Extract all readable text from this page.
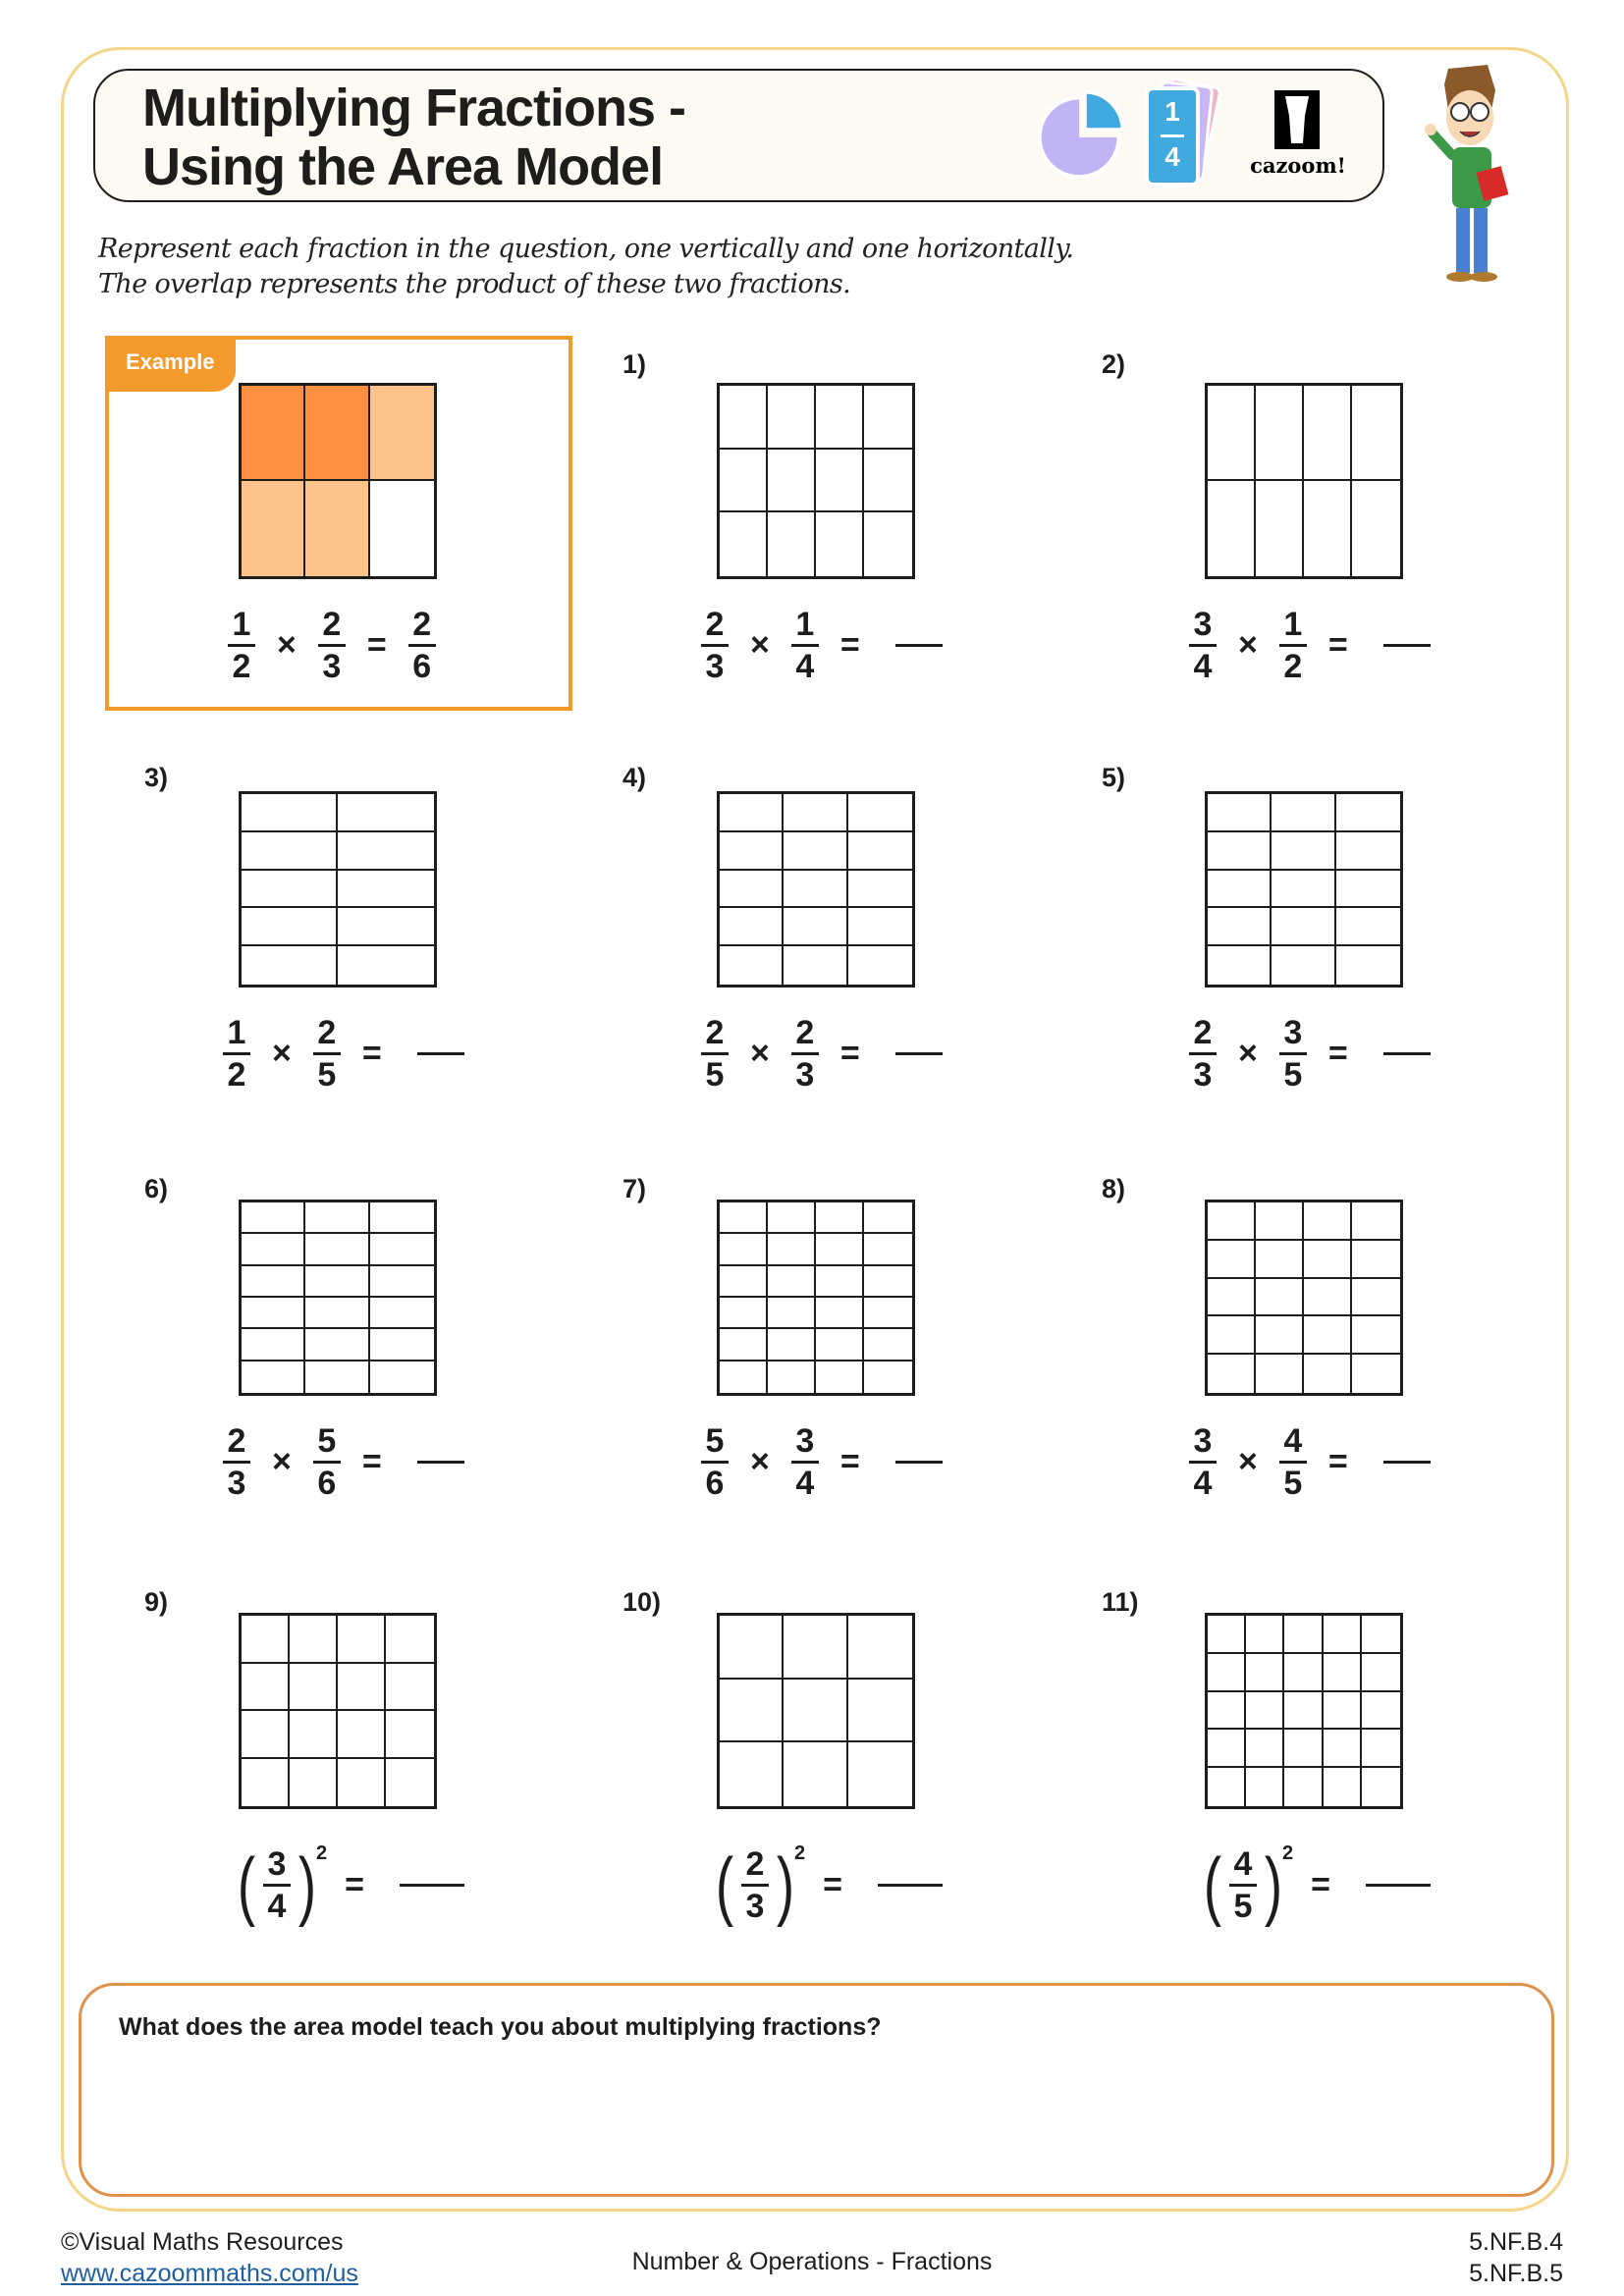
Multiplying Fractions -
Using the Area Model
1
4	cazoom!
Represent each fraction in the question, one vertically and one horizontally.
The overlap represents the product of these two fractions.
Example
$\frac{1}{2} \times \frac{2}{3} = \frac{2}{6}$
1)
$\frac{2}{3} \times \frac{1}{4}$ =
2)
$\frac{3}{4} \times \frac{1}{2}$ =
3)
$\frac{1}{2} \times \frac{2}{5}$ =
4)
$\frac{2}{5} \times \frac{2}{3}$ =
5)
$\frac{2}{3} \times \frac{3}{5}$ =
6)
$\frac{2}{3} \times \frac{5}{6}$ =
7)
$\frac{5}{6} \times \frac{3}{4}$ =
8)
$\frac{3}{4} \times \frac{4}{5}$ =
9)
( $\frac{3}{4}$ ) 2
=
10)
( $\frac{2}{3}$ ) 2
=
11)
( $\frac{4}{5}$ ) 2
=
What does the area model teach you about multiplying fractions?
©Visual Maths Resources
www.cazoommaths.com/us	Number & Operations - Fractions
5.NF.B.4
5.NF.B.5
